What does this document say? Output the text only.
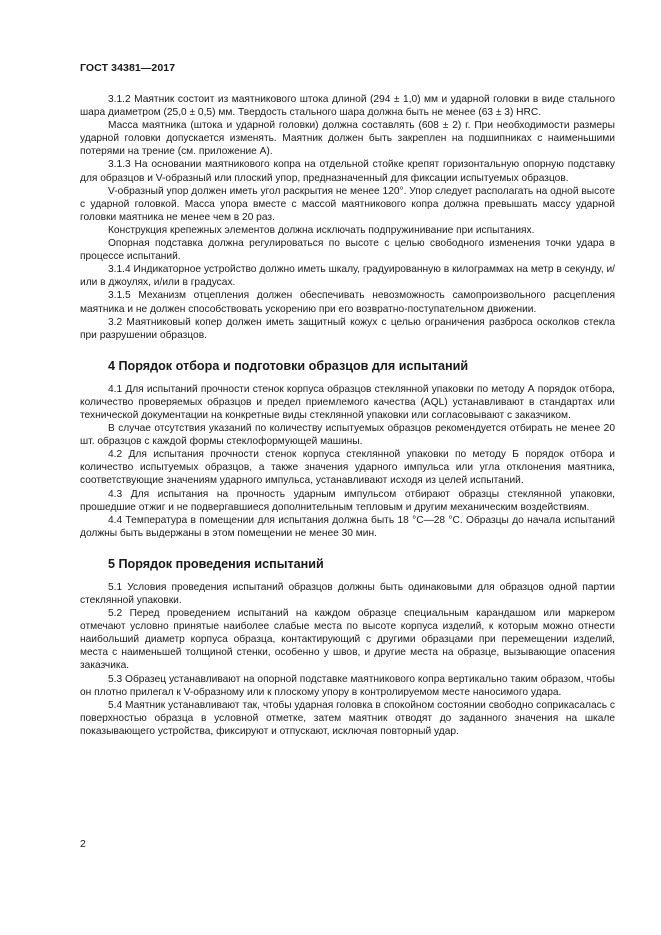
ГОСТ 34381—2017

3.1.2 Маятник состоит из маятникового штока длиной (294 ± 1,0) мм и ударной головки в виде стального шара диаметром (25,0 ± 0,5) мм. Твердость стального шара должна быть не менее (63 ± 3) HRC.

Масса маятника (штока и ударной головки) должна составлять (608 ± 2) г. При необходимости размеры ударной головки допускается изменять. Маятник должен быть закреплен на подшипниках с наименьшими потерями на трение (см. приложение А).

3.1.3 На основании маятникового копра на отдельной стойке крепят горизонтальную опорную подставку для образцов и V-образный или плоский упор, предназначенный для фиксации испытуемых образцов.

V-образный упор должен иметь угол раскрытия не менее 120°. Упор следует располагать на одной высоте с ударной головкой. Масса упора вместе с массой маятникового копра должна превышать массу ударной головки маятника не менее чем в 20 раз.

Конструкция крепежных элементов должна исключать подпружинивание при испытаниях.

Опорная подставка должна регулироваться по высоте с целью свободного изменения точки удара в процессе испытаний.

3.1.4 Индикаторное устройство должно иметь шкалу, градуированную в килограммах на метр в секунду, и/или в джоулях, и/или в градусах.

3.1.5 Механизм отцепления должен обеспечивать невозможность самопроизвольного расцепления маятника и не должен способствовать ускорению при его возвратно-поступательном движении.

3.2 Маятниковый копер должен иметь защитный кожух с целью ограничения разброса осколков стекла при разрушении образцов.

4 Порядок отбора и подготовки образцов для испытаний

4.1 Для испытаний прочности стенок корпуса образцов стеклянной упаковки по методу А порядок отбора, количество проверяемых образцов и предел приемлемого качества (AQL) устанавливают в стандартах или технической документации на конкретные виды стеклянной упаковки или согласовывают с заказчиком.

В случае отсутствия указаний по количеству испытуемых образцов рекомендуется отбирать не менее 20 шт. образцов с каждой формы стеклоформующей машины.

4.2 Для испытания прочности стенок корпуса стеклянной упаковки по методу Б порядок отбора и количество испытуемых образцов, а также значения ударного импульса или угла отклонения маятника, соответствующие значениям ударного импульса, устанавливают исходя из целей испытаний.

4.3 Для испытания на прочность ударным импульсом отбирают образцы стеклянной упаковки, прошедшие отжиг и не подвергавшиеся дополнительным тепловым и другим механическим воздействиям.

4.4 Температура в помещении для испытания должна быть 18 °C—28 °C. Образцы до начала испытаний должны быть выдержаны в этом помещении не менее 30 мин.

5 Порядок проведения испытаний

5.1 Условия проведения испытаний образцов должны быть одинаковыми для образцов одной партии стеклянной упаковки.

5.2 Перед проведением испытаний на каждом образце специальным карандашом или маркером отмечают условно принятые наиболее слабые места по высоте корпуса изделий, к которым можно отнести наибольший диаметр корпуса образца, контактирующий с другими образцами при перемещении изделий, места с наименьшей толщиной стенки, особенно у швов, и другие места на образце, вызывающие опасения заказчика.

5.3 Образец устанавливают на опорной подставке маятникового копра вертикально таким образом, чтобы он плотно прилегал к V-образному или к плоскому упору в контролируемом месте наносимого удара.

5.4 Маятник устанавливают так, чтобы ударная головка в спокойном состоянии свободно соприкасалась с поверхностью образца в условной отметке, затем маятник отводят до заданного значения на шкале показывающего устройства, фиксируют и отпускают, исключая повторный удар.

2
